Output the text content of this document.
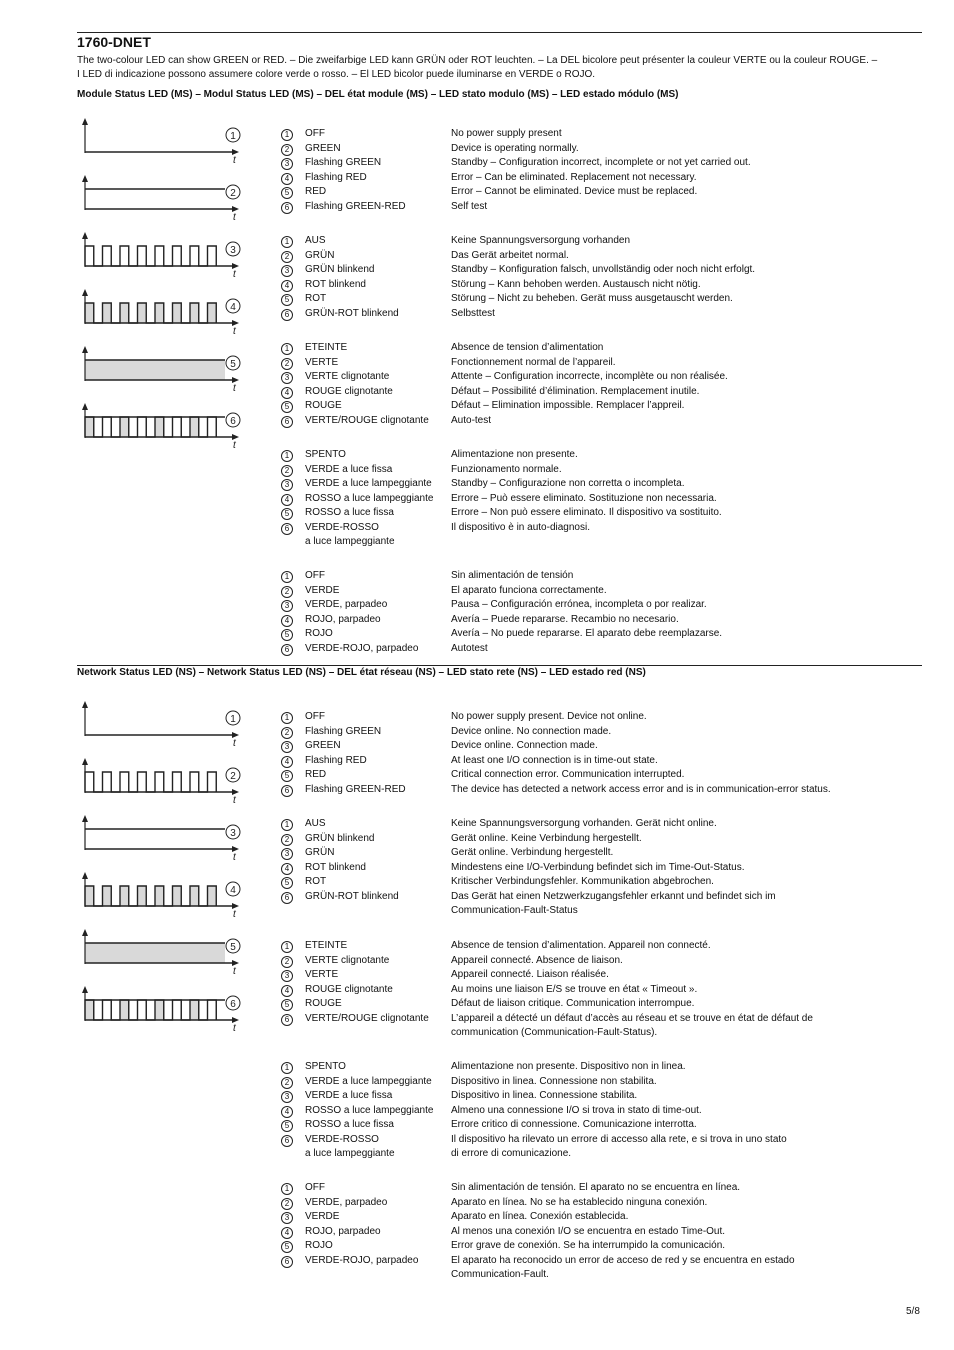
1760-DNET
The two-colour LED can show GREEN or RED. – Die zweifarbige LED kann GRÜN oder ROT leuchten. – La DEL bicolore peut présenter la couleur VERTE ou la couleur ROUGE. –
I LED di indicazione possono assumere colore verde o rosso. – El LED bicolor puede iluminarse en VERDE o ROJO.
Module Status LED (MS) – Modul Status LED (MS) – DEL état module (MS) – LED stato modulo (MS) – LED estado módulo (MS)
t
1
t
2
t
3
t
4
t
5
t
6
1	OFF	No power supply present
2	GREEN	Device is operating normally.
3	Flashing GREEN	Standby – Configuration incorrect, incomplete or not yet carried out.
4	Flashing RED	Error – Can be eliminated. Replacement not necessary.
5	RED	Error – Cannot be eliminated. Device must be replaced.
6	Flashing GREEN-RED	Self test
1	AUS	Keine Spannungsversorgung vorhanden
2	GRÜN	Das Gerät arbeitet normal.
3	GRÜN blinkend	Standby – Konfiguration falsch, unvollständig oder noch nicht erfolgt.
4	ROT blinkend	Störung – Kann behoben werden. Austausch nicht nötig.
5	ROT	Störung – Nicht zu beheben. Gerät muss ausgetauscht werden.
6	GRÜN-ROT blinkend	Selbsttest
1	ETEINTE	Absence de tension d’alimentation
2	VERTE	Fonctionnement normal de l’appareil.
3	VERTE clignotante	Attente – Configuration incorrecte, incomplète ou non réalisée.
4	ROUGE clignotante	Défaut – Possibilité d’élimination. Remplacement inutile.
5	ROUGE	Défaut – Elimination impossible. Remplacer l’appreil.
6	VERTE/ROUGE clignotante	Auto-test
1	SPENTO	Alimentazione non presente.
2	VERDE a luce fissa	Funzionamento normale.
3	VERDE a luce lampeggiante	Standby – Configurazione non corretta o incompleta.
4	ROSSO a luce lampeggiante	Errore – Può essere eliminato. Sostituzione non necessaria.
5	ROSSO a luce fissa	Errore – Non può essere eliminato. Il dispositivo va sostituito.
6	VERDE-ROSSO	Il dispositivo è in auto-diagnosi.
a luce lampeggiante
1	OFF	Sin alimentación de tensión
2	VERDE	El aparato funciona correctamente.
3	VERDE, parpadeo	Pausa – Configuración errónea, incompleta o por realizar.
4	ROJO, parpadeo	Avería – Puede repararse. Recambio no necesario.
5	ROJO	Avería – No puede repararse. El aparato debe reemplazarse.
6	VERDE-ROJO, parpadeo	Autotest
Network Status LED (NS) – Network Status LED (NS) – DEL état réseau (NS) – LED stato rete (NS) – LED estado red (NS)
t
1
t
2
t
3
t
4
t
5
t
6
1	OFF	No power supply present. Device not online.
2	Flashing GREEN	Device online. No connection made.
3	GREEN	Device online. Connection made.
4	Flashing RED	At least one I/O connection is in time-out state.
5	RED	Critical connection error. Communication interrupted.
6	Flashing GREEN-RED	The device has detected a network access error and is in communication-error status.
1	AUS	Keine Spannungsversorgung vorhanden. Gerät nicht online.
2	GRÜN blinkend	Gerät online. Keine Verbindung hergestellt.
3	GRÜN	Gerät online. Verbindung hergestellt.
4	ROT blinkend	Mindestens eine I/O-Verbindung befindet sich im Time-Out-Status.
5	ROT	Kritischer Verbindungsfehler. Kommunikation abgebrochen.
6	GRÜN-ROT blinkend	Das Gerät hat einen Netzwerkzugangsfehler erkannt und befindet sich im
Communication-Fault-Status
1	ETEINTE	Absence de tension d’alimentation. Appareil non connecté.
2	VERTE clignotante	Appareil connecté. Absence de liaison.
3	VERTE	Appareil connecté. Liaison réalisée.
4	ROUGE clignotante	Au moins une liaison E/S se trouve en état « Timeout ».
5	ROUGE	Défaut de liaison critique. Communication interrompue.
6	VERTE/ROUGE clignotante	L’appareil a détecté un défaut d’accès au réseau et se trouve en état de défaut de
communication (Communication-Fault-Status).
1	SPENTO	Alimentazione non presente. Dispositivo non in linea.
2	VERDE a luce lampeggiante	Dispositivo in linea. Connessione non stabilita.
3	VERDE a luce fissa	Dispositivo in linea. Connessione stabilita.
4	ROSSO a luce lampeggiante	Almeno una connessione I/O si trova in stato di time-out.
5	ROSSO a luce fissa	Errore critico di connessione. Comunicazione interrotta.
6	VERDE-ROSSO	Il dispositivo ha rilevato un errore di accesso alla rete, e si trova in uno stato
a luce lampeggiante	di errore di comunicazione.
1	OFF	Sin alimentación de tensión. El aparato no se encuentra en línea.
2	VERDE, parpadeo	Aparato en línea. No se ha establecido ninguna conexión.
3	VERDE	Aparato en línea. Conexión establecida.
4	ROJO, parpadeo	Al menos una conexión I/O se encuentra en estado Time-Out.
5	ROJO	Error grave de conexión. Se ha interrumpido la comunicación.
6	VERDE-ROJO, parpadeo	El aparato ha reconocido un error de acceso de red y se encuentra en estado
Communication-Fault.
5/8
